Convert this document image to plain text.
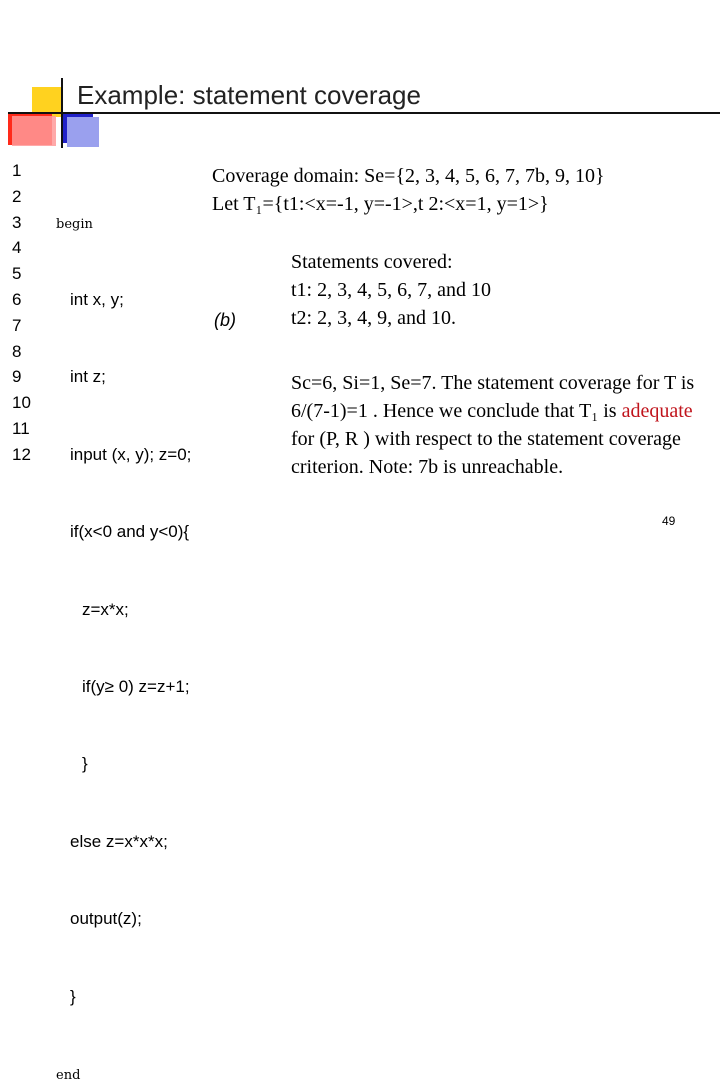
Example: statement coverage
1
2
3
4
5
6
7
8
9
10
11
12

begin

int x, y;

int z;

input (x, y); z=0;

if(x<0 and y<0){

z=x*x;

if(y≥ 0) z=z+1;

}

else z=x*x*x;

output(z);

}

end

(b)
Coverage domain: Se={2, 3, 4, 5, 6, 7, 7b, 9, 10}
Let T₁={t1:<x=-1, y=-1>,t 2:<x=1, y=1>}
Statements covered:
t1: 2, 3, 4, 5, 6, 7, and 10
t2: 2, 3, 4, 9, and 10.
Sc=6, Si=1, Se=7. The statement coverage for T is 6/(7-1)=1 . Hence we conclude that T₁ is adequate for (P, R ) with respect to the statement coverage criterion. Note: 7b is unreachable.
49
